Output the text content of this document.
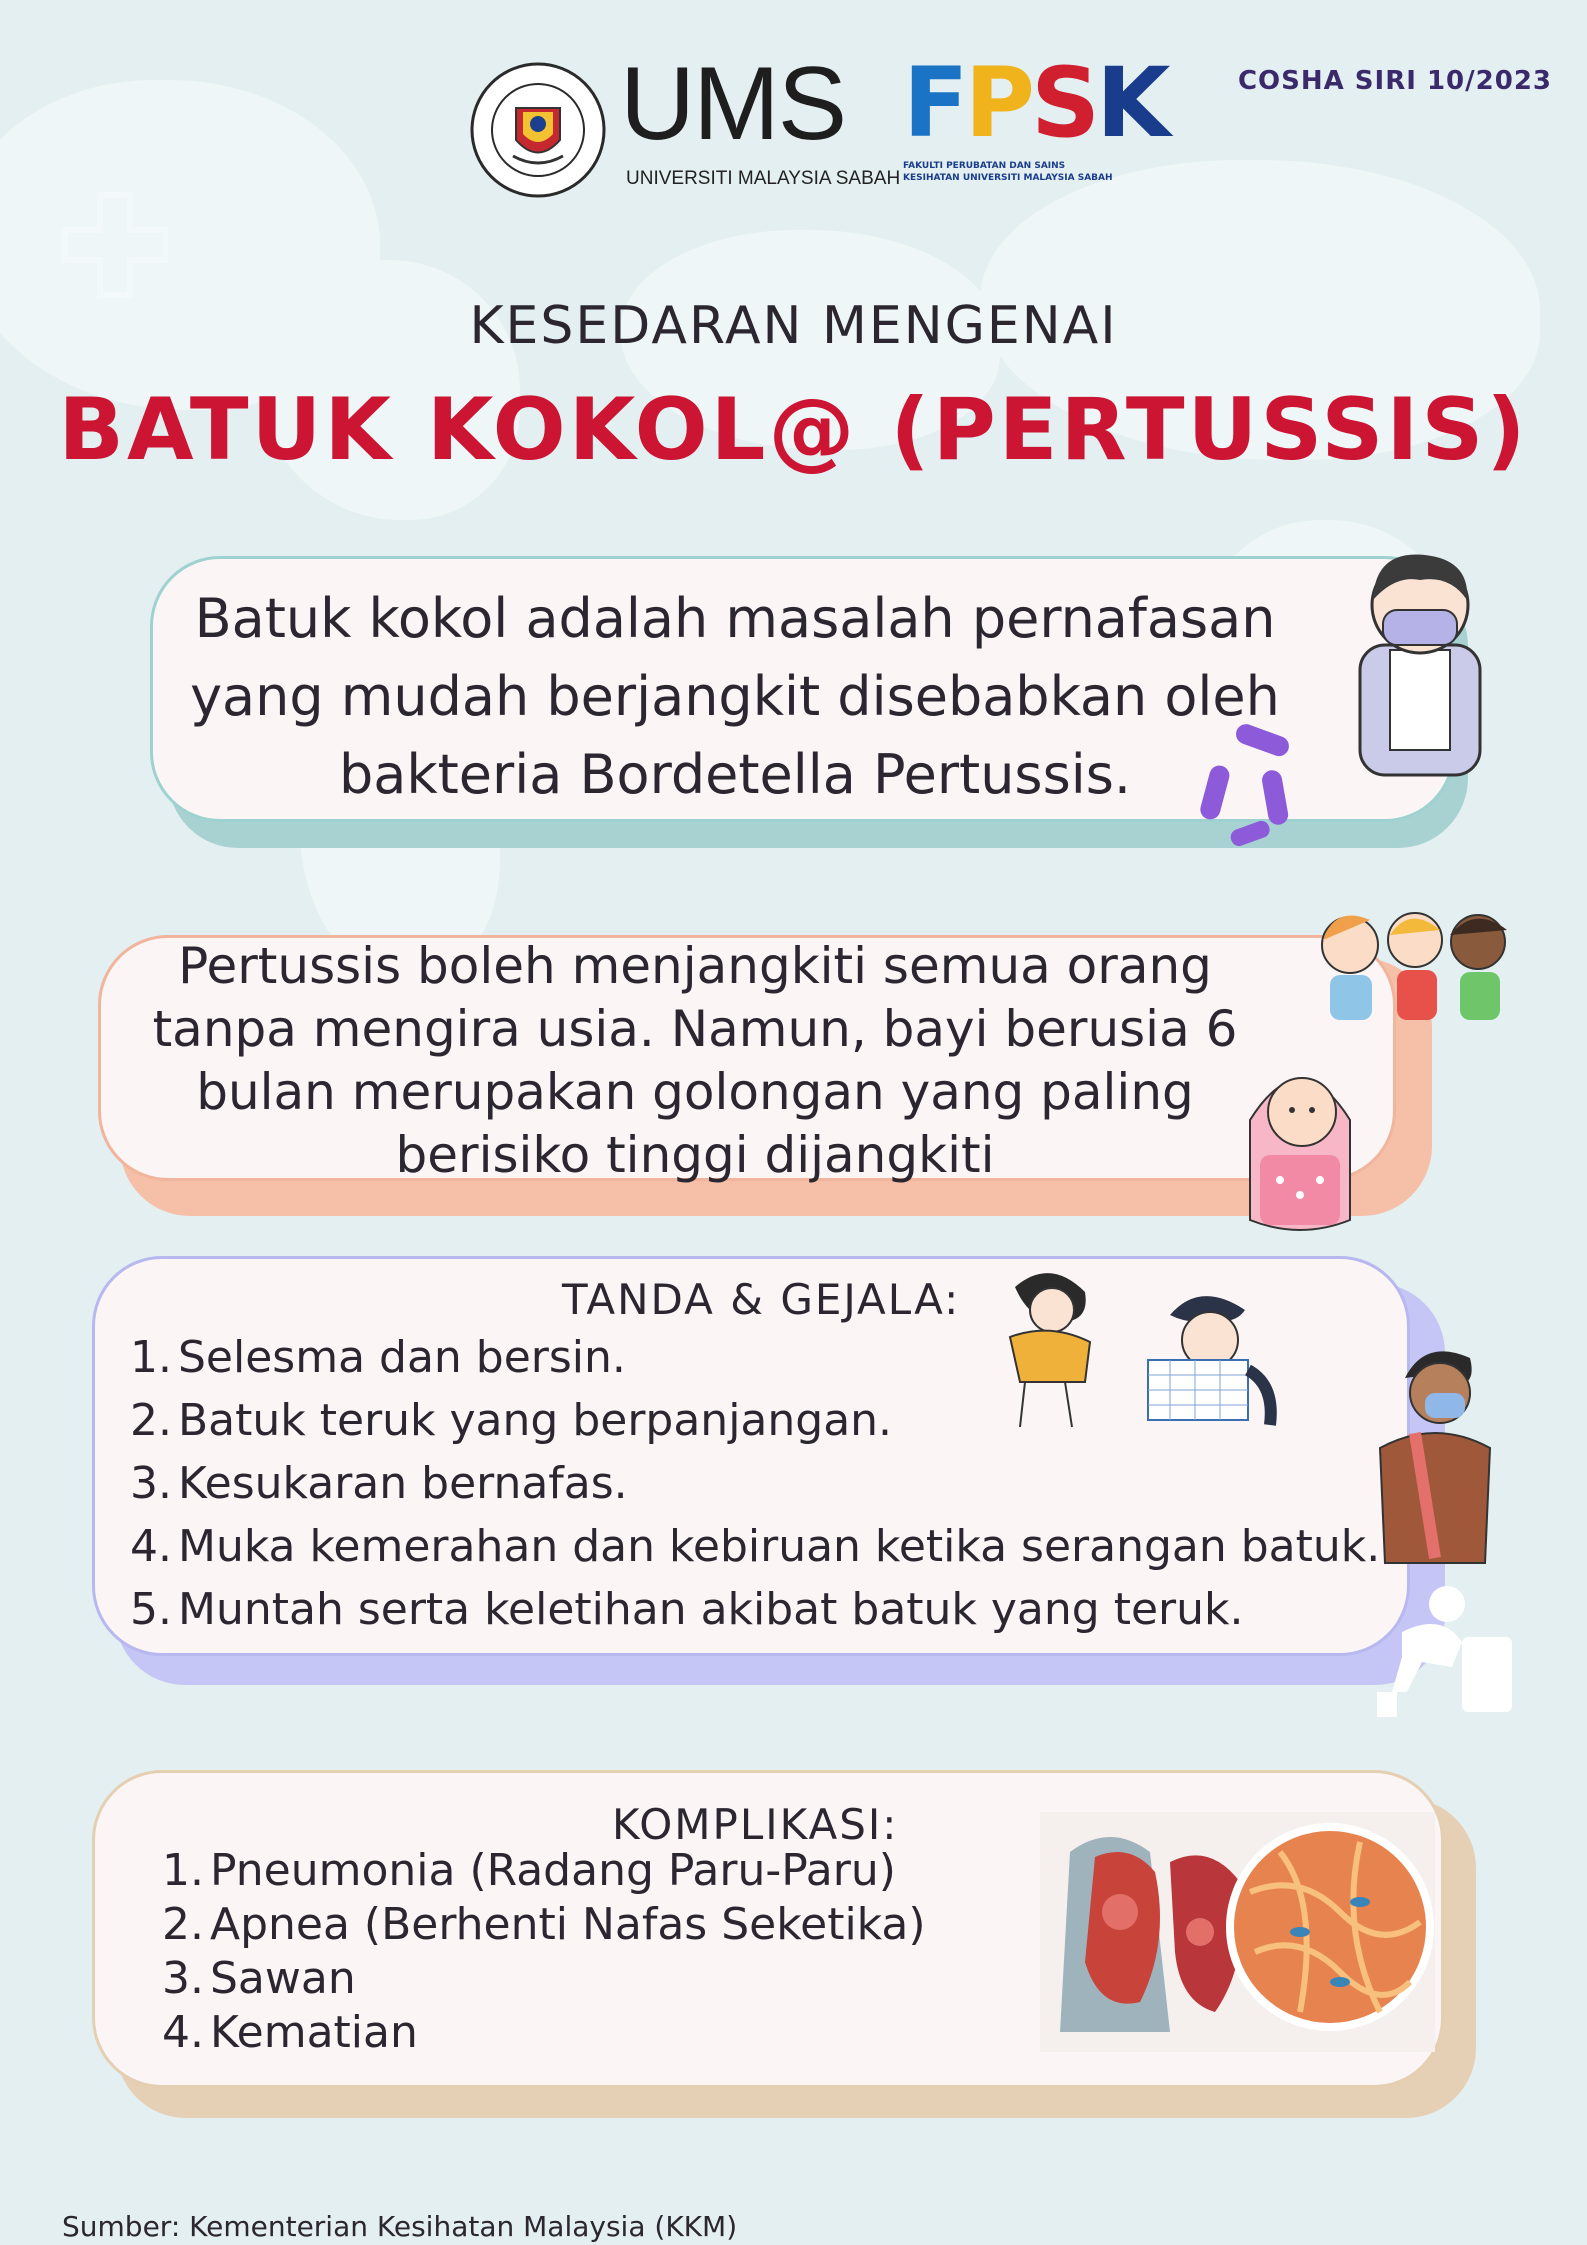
COSHA SIRI 10/2023
UMS
UNIVERSITI MALAYSIA SABAH
FPSK
FAKULTI PERUBATAN DAN SAINS KESIHATAN UNIVERSITI MALAYSIA SABAH
KESEDARAN MENGENAI
BATUK KOKOL@ (PERTUSSIS)
Batuk kokol adalah masalah pernafasan
yang mudah berjangkit disebabkan oleh
bakteria Bordetella Pertussis.
Pertussis boleh menjangkiti semua orang
tanpa mengira usia. Namun, bayi berusia 6
bulan merupakan golongan yang paling
berisiko tinggi dijangkiti
TANDA & GEJALA:
1. Selesma dan bersin.
2. Batuk teruk yang berpanjangan.
3. Kesukaran bernafas.
4. Muka kemerahan dan kebiruan ketika serangan batuk.
5. Muntah serta keletihan akibat batuk yang teruk.
KOMPLIKASI:
1. Pneumonia (Radang Paru-Paru)
2. Apnea (Berhenti Nafas Seketika)
3. Sawan
4. Kematian
Sumber: Kementerian Kesihatan Malaysia (KKM)
